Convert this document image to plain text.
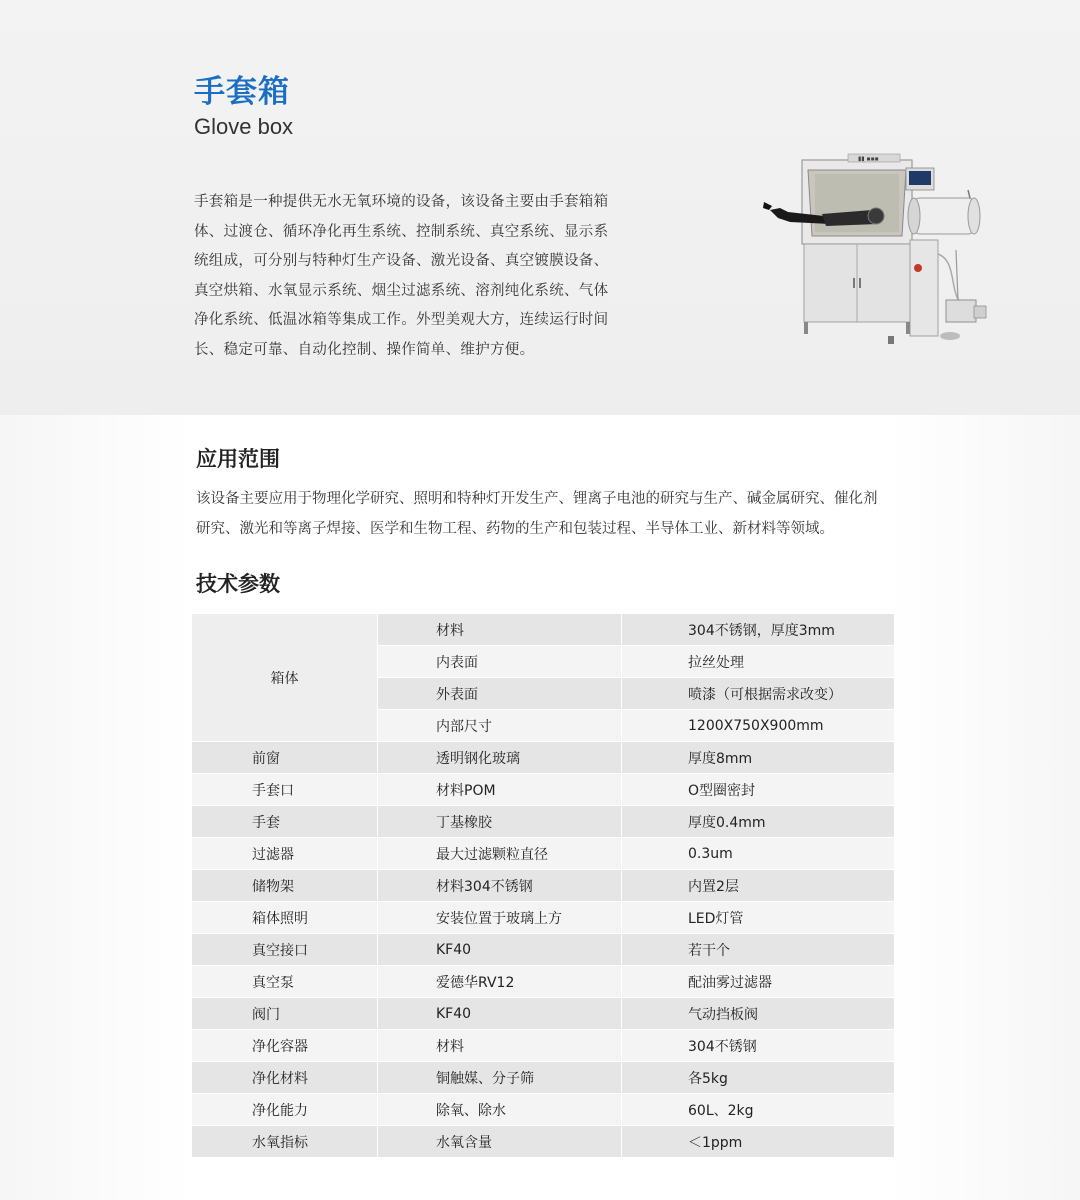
手套箱
Glove box

手套箱是一种提供无水无氧环境的设备，该设备主要由手套箱箱
体、过渡仓、循环净化再生系统、控制系统、真空系统、显示系
统组成，可分别与特种灯生产设备、激光设备、真空镀膜设备、
真空烘箱、水氧显示系统、烟尘过滤系统、溶剂纯化系统、气体
净化系统、低温冰箱等集成工作。外型美观大方，连续运行时间
长、稳定可靠、自动化控制、操作简单、维护方便。

▮▮ ▪▪▪
应用范围

该设备主要应用于物理化学研究、照明和特种灯开发生产、锂离子电池的研究与生产、碱金属研究、催化剂
研究、激光和等离子焊接、医学和生物工程、药物的生产和包装过程、半导体工业、新材料等领域。

技术参数
箱体	材料	304不锈钢，厚度3mm
	内表面	拉丝处理
	外表面	喷漆（可根据需求改变）
	内部尺寸	1200X750X900mm
前窗	透明钢化玻璃	厚度8mm
手套口	材料POM	O型圈密封
手套	丁基橡胶	厚度0.4mm
过滤器	最大过滤颗粒直径	0.3um
储物架	材料304不锈钢	内置2层
箱体照明	安装位置于玻璃上方	LED灯管
真空接口	KF40	若干个
真空泵	爱德华RV12	配油雾过滤器
阀门	KF40	气动挡板阀
净化容器	材料	304不锈钢
净化材料	铜触媒、分子筛	各5kg
净化能力	除氧、除水	60L、2kg
水氧指标	水氧含量	＜1ppm
